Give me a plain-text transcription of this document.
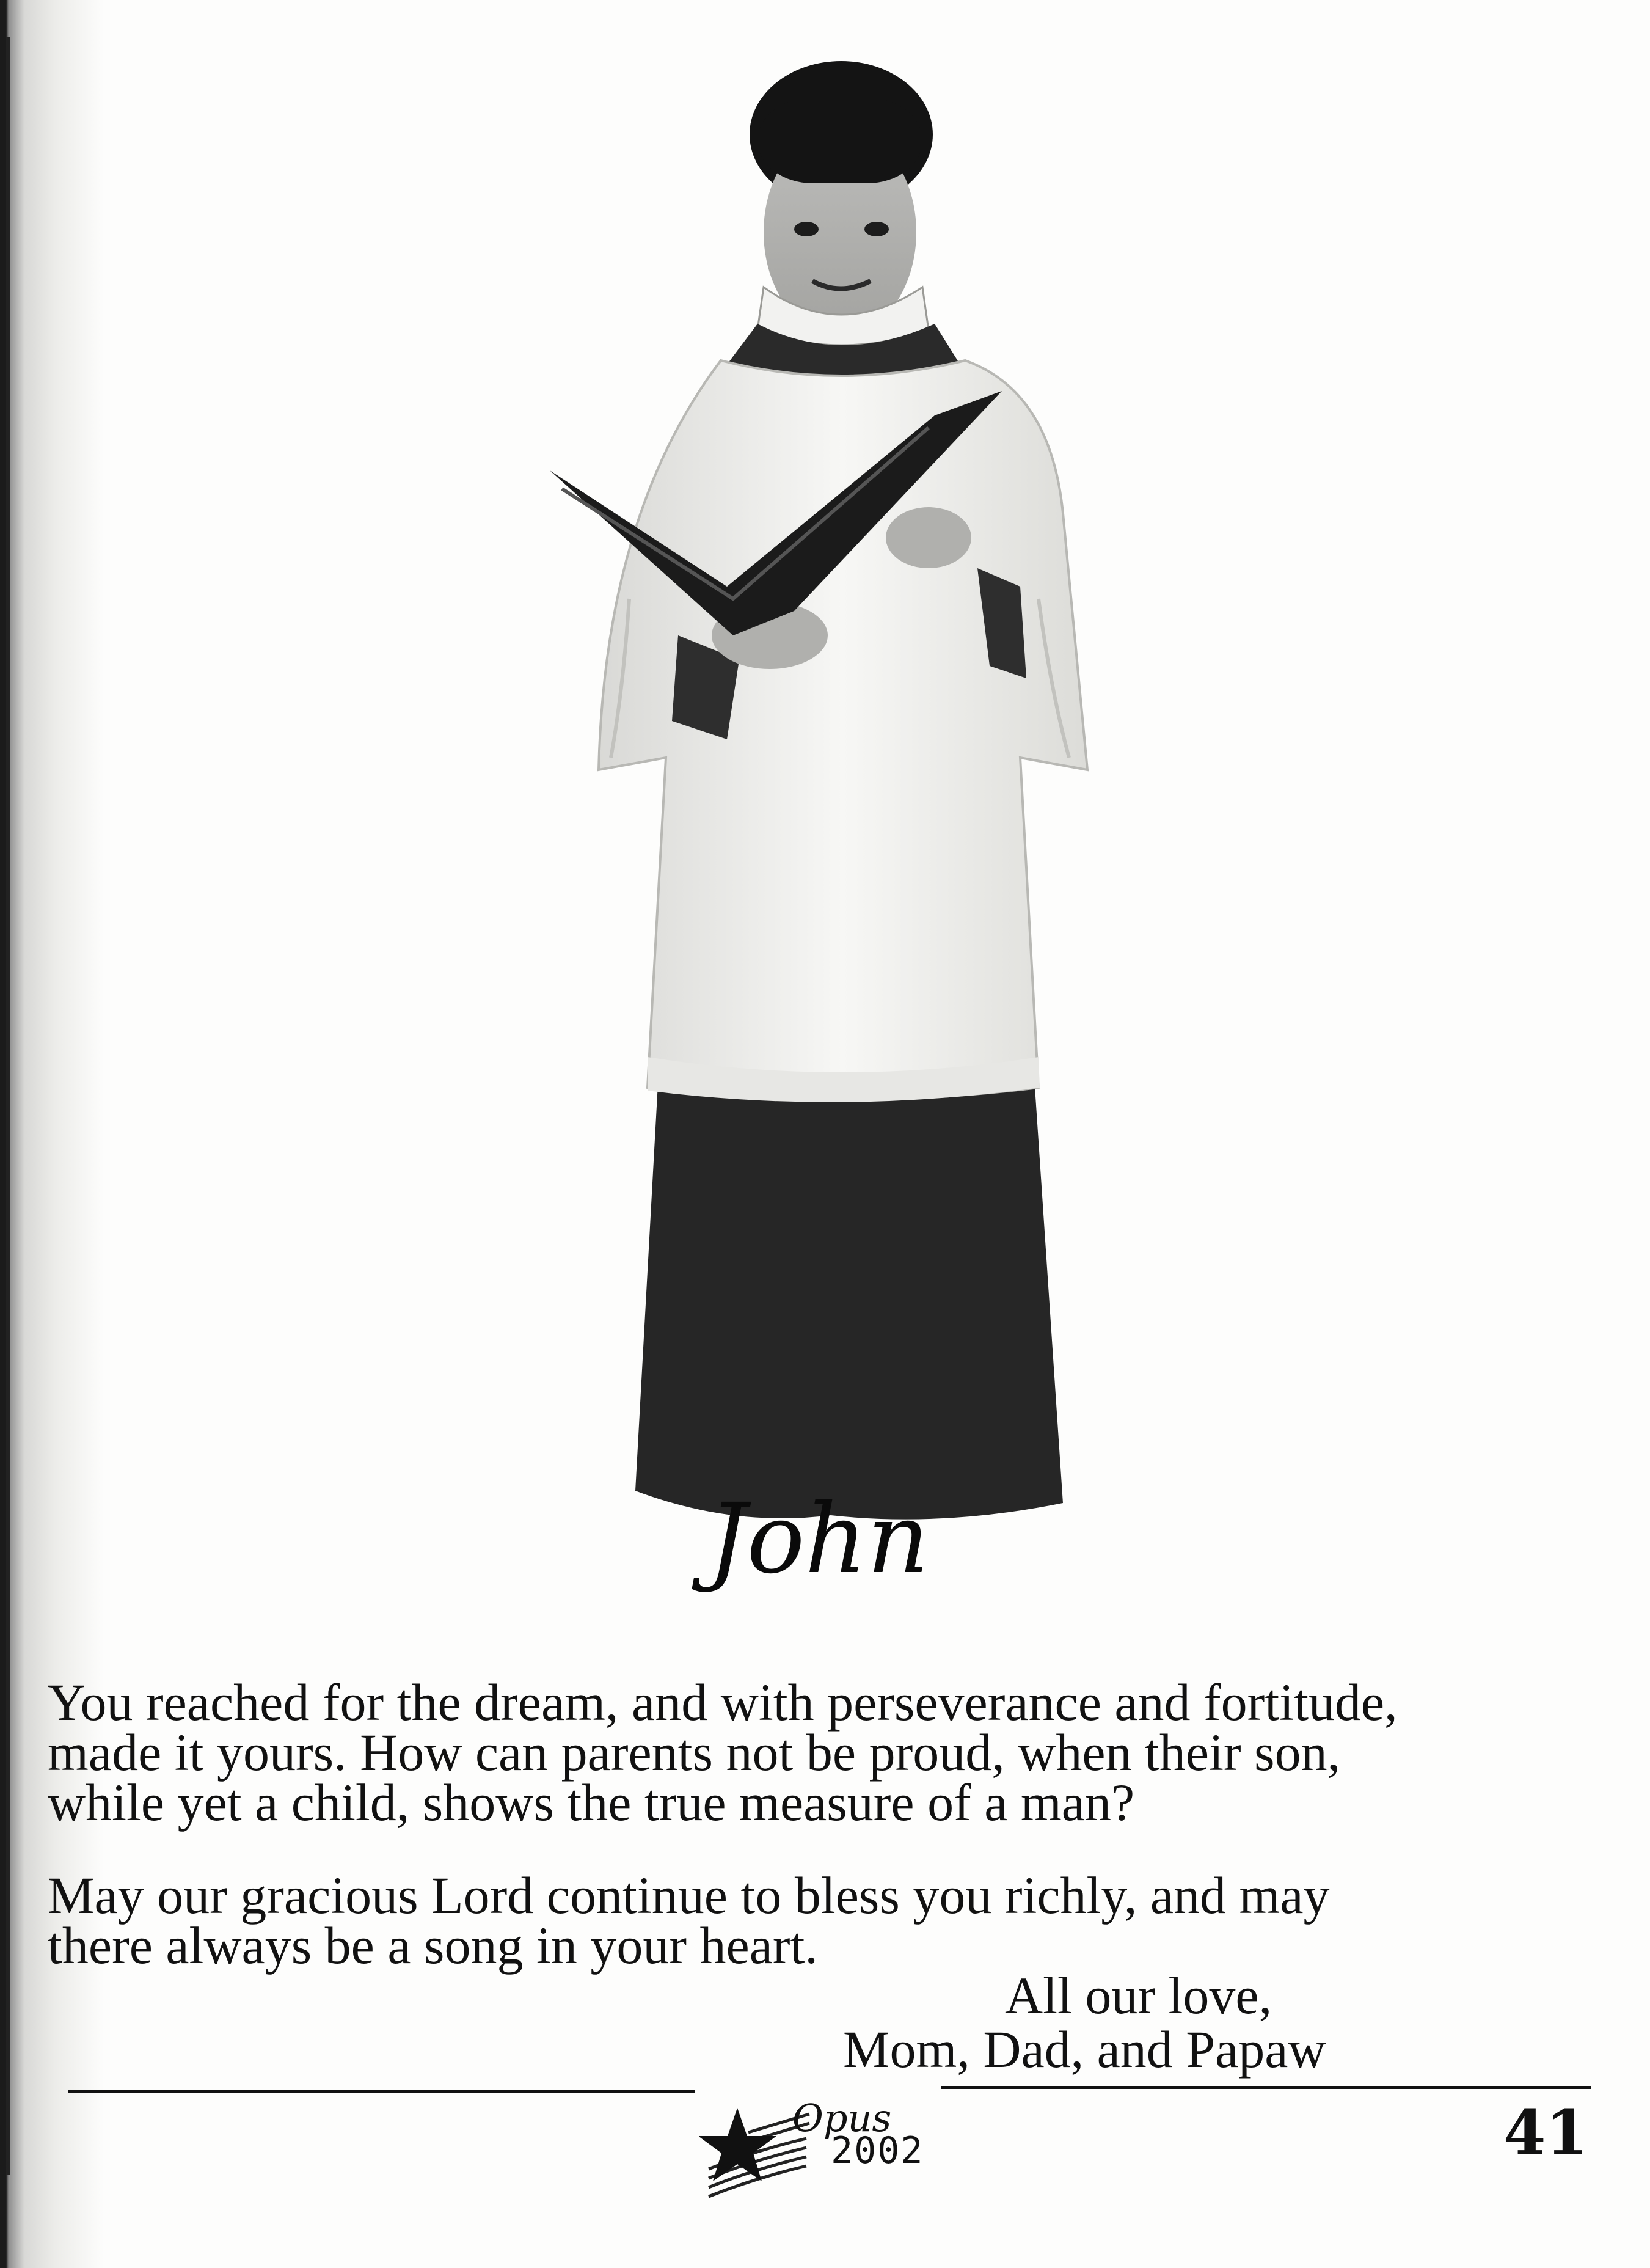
John

You reached for the dream, and with perseverance and fortitude,

made it yours. How can parents not be proud, when their son,

while yet a child, shows the true measure of a man?

May our gracious Lord continue to bless you richly, and may

there always be a song in your heart.

All our love,
Mom, Dad, and Papaw
Opus
2002	41
